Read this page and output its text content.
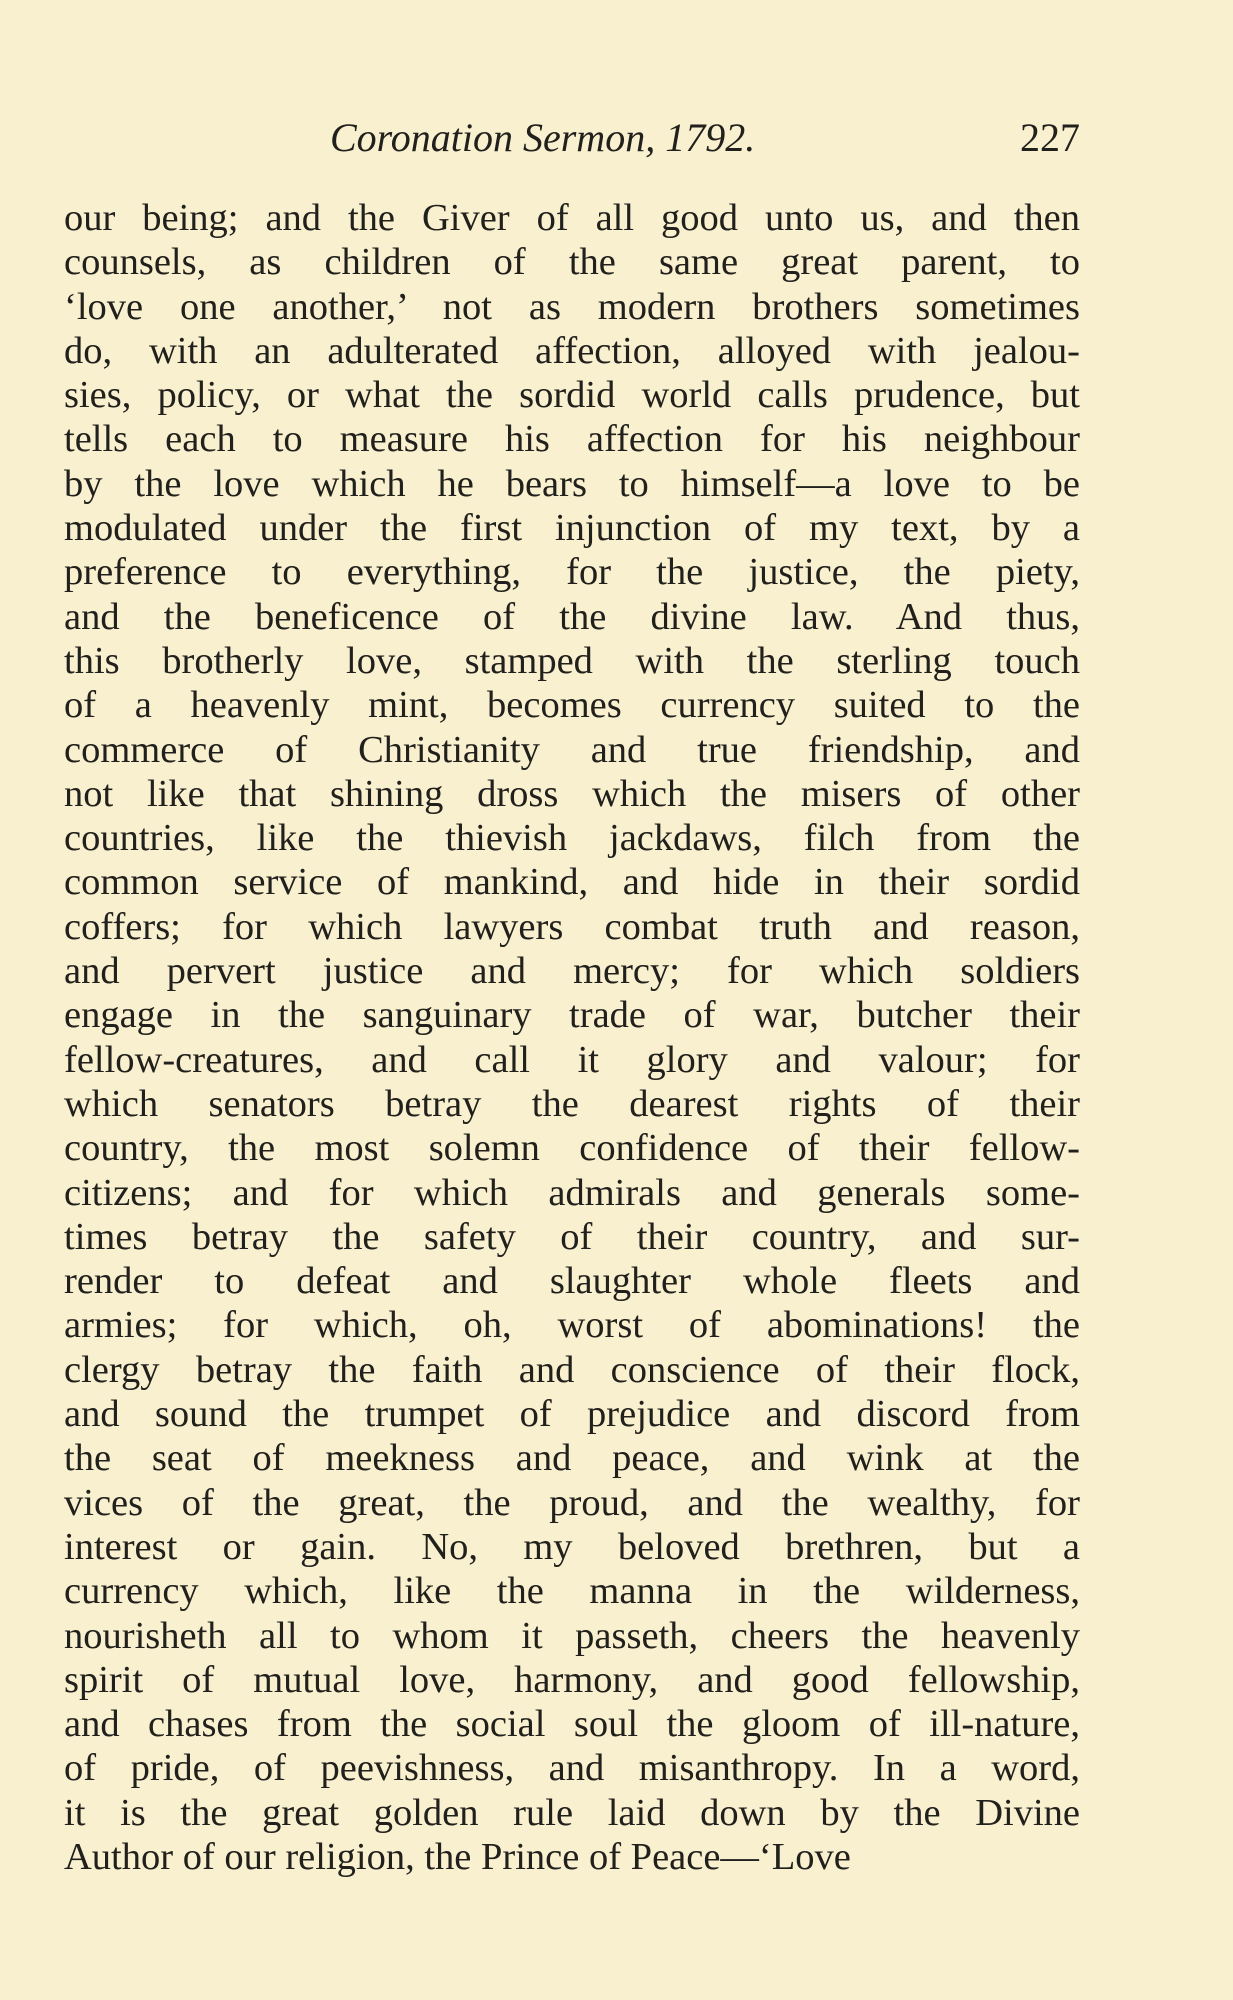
Coronation Sermon, 1792.	227
our being; and the Giver of all good unto us, and then
counsels, as children of the same great parent, to
‘love one another,’ not as modern brothers sometimes
do, with an adulterated affection, alloyed with jealou-
sies, policy, or what the sordid world calls prudence, but
tells each to measure his affection for his neighbour
by the love which he bears to himself—a love to be
modulated under the first injunction of my text, by a
preference to everything, for the justice, the piety,
and the beneficence of the divine law. And thus,
this brotherly love, stamped with the sterling touch
of a heavenly mint, becomes currency suited to the
commerce of Christianity and true friendship, and
not like that shining dross which the misers of other
countries, like the thievish jackdaws, filch from the
common service of mankind, and hide in their sordid
coffers; for which lawyers combat truth and reason,
and pervert justice and mercy; for which soldiers
engage in the sanguinary trade of war, butcher their
fellow-creatures, and call it glory and valour; for
which senators betray the dearest rights of their
country, the most solemn confidence of their fellow-
citizens; and for which admirals and generals some-
times betray the safety of their country, and sur-
render to defeat and slaughter whole fleets and
armies; for which, oh, worst of abominations! the
clergy betray the faith and conscience of their flock,
and sound the trumpet of prejudice and discord from
the seat of meekness and peace, and wink at the
vices of the great, the proud, and the wealthy, for
interest or gain. No, my beloved brethren, but a
currency which, like the manna in the wilderness,
nourisheth all to whom it passeth, cheers the heavenly
spirit of mutual love, harmony, and good fellowship,
and chases from the social soul the gloom of ill-nature,
of pride, of peevishness, and misanthropy. In a word,
it is the great golden rule laid down by the Divine
Author of our religion, the Prince of Peace—‘Love
